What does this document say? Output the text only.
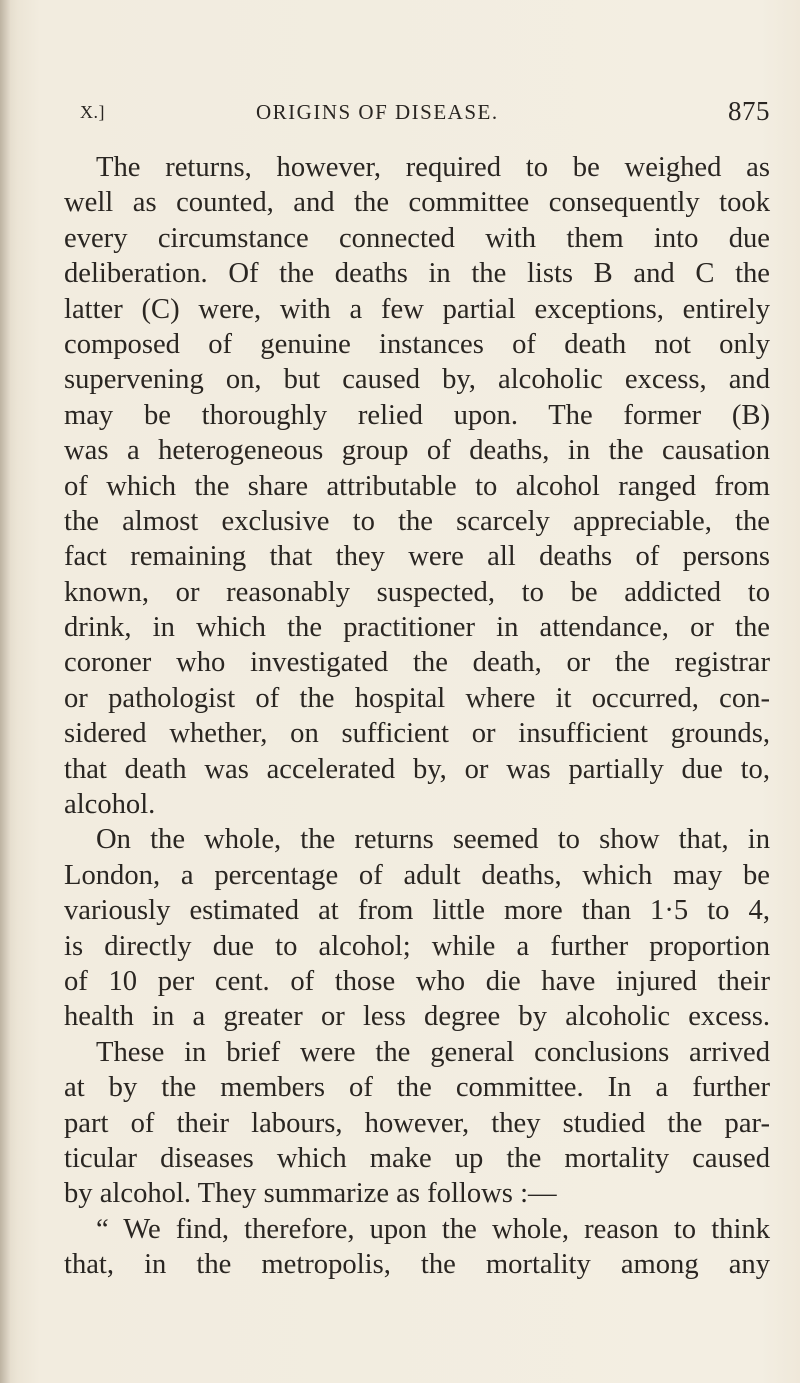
X.]	ORIGINS OF DISEASE.	875
The returns, however, required to be weighed as
well as counted, and the committee consequently took
every circumstance connected with them into due
deliberation. Of the deaths in the lists B and C the
latter (C) were, with a few partial exceptions, entirely
composed of genuine instances of death not only
supervening on, but caused by, alcoholic excess, and
may be thoroughly relied upon. The former (B)
was a heterogeneous group of deaths, in the causation
of which the share attributable to alcohol ranged from
the almost exclusive to the scarcely appreciable, the
fact remaining that they were all deaths of persons
known, or reasonably suspected, to be addicted to
drink, in which the practitioner in attendance, or the
coroner who investigated the death, or the registrar
or pathologist of the hospital where it occurred, con-
sidered whether, on sufficient or insufficient grounds,
that death was accelerated by, or was partially due to,
alcohol.
On the whole, the returns seemed to show that, in
London, a percentage of adult deaths, which may be
variously estimated at from little more than 1·5 to 4,
is directly due to alcohol; while a further proportion
of 10 per cent. of those who die have injured their
health in a greater or less degree by alcoholic excess.
These in brief were the general conclusions arrived
at by the members of the committee. In a further
part of their labours, however, they studied the par-
ticular diseases which make up the mortality caused
by alcohol. They summarize as follows :—
“ We find, therefore, upon the whole, reason to think
that, in the metropolis, the mortality among any
